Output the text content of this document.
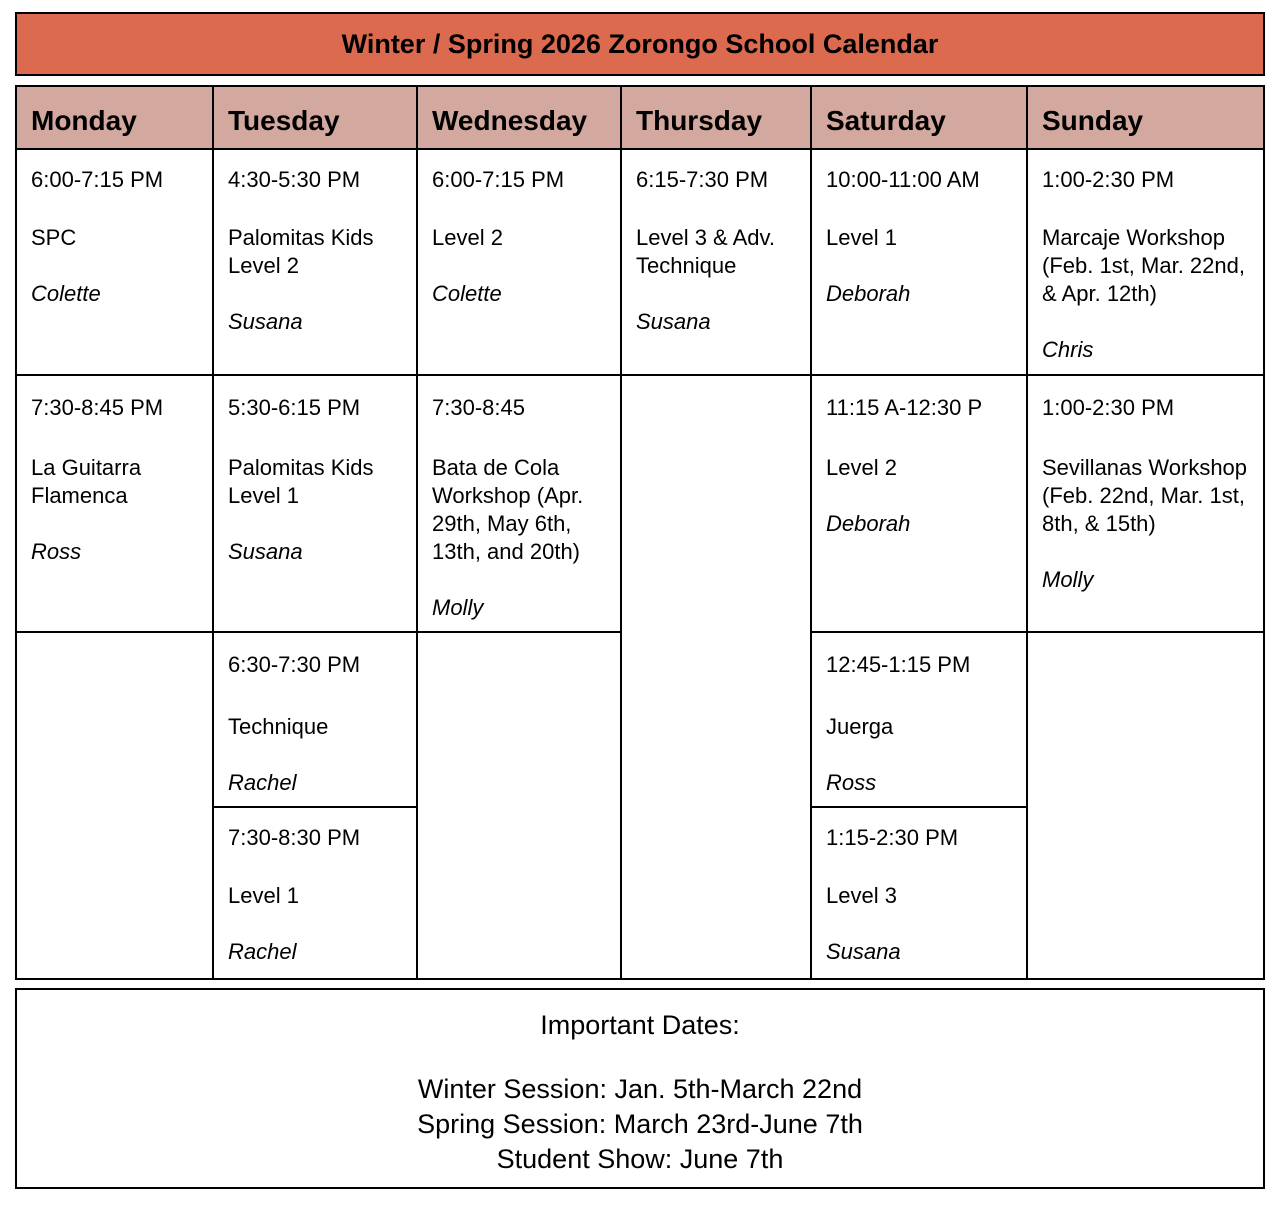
Winter / Spring 2026 Zorongo School Calendar
Monday
6:00-7:15 PM
SPC
Colette
7:30-8:45 PM
La Guitarra Flamenca
Ross
Tuesday
4:30-5:30 PM
Palomitas Kids Level 2
Susana
5:30-6:15 PM
Palomitas Kids Level 1
Susana
6:30-7:30 PM
Technique
Rachel
7:30-8:30 PM
Level 1
Rachel
Wednesday
6:00-7:15 PM
Level 2
Colette
7:30-8:45
Bata de Cola Workshop (Apr. 29th, May 6th, 13th, and 20th)
Molly
Thursday
6:15-7:30 PM
Level 3 & Adv. Technique
Susana
Saturday
10:00-11:00 AM
Level 1
Deborah
11:15 A-12:30 P
Level 2
Deborah
12:45-1:15 PM
Juerga
Ross
1:15-2:30 PM
Level 3
Susana
Sunday
1:00-2:30 PM
Marcaje Workshop (Feb. 1st, Mar. 22nd, & Apr. 12th)
Chris
1:00-2:30 PM
Sevillanas Workshop (Feb. 22nd, Mar. 1st, 8th, & 15th)
Molly
Important Dates:
Winter Session: Jan. 5th-March 22nd
Spring Session: March 23rd-June 7th
Student Show: June 7th
